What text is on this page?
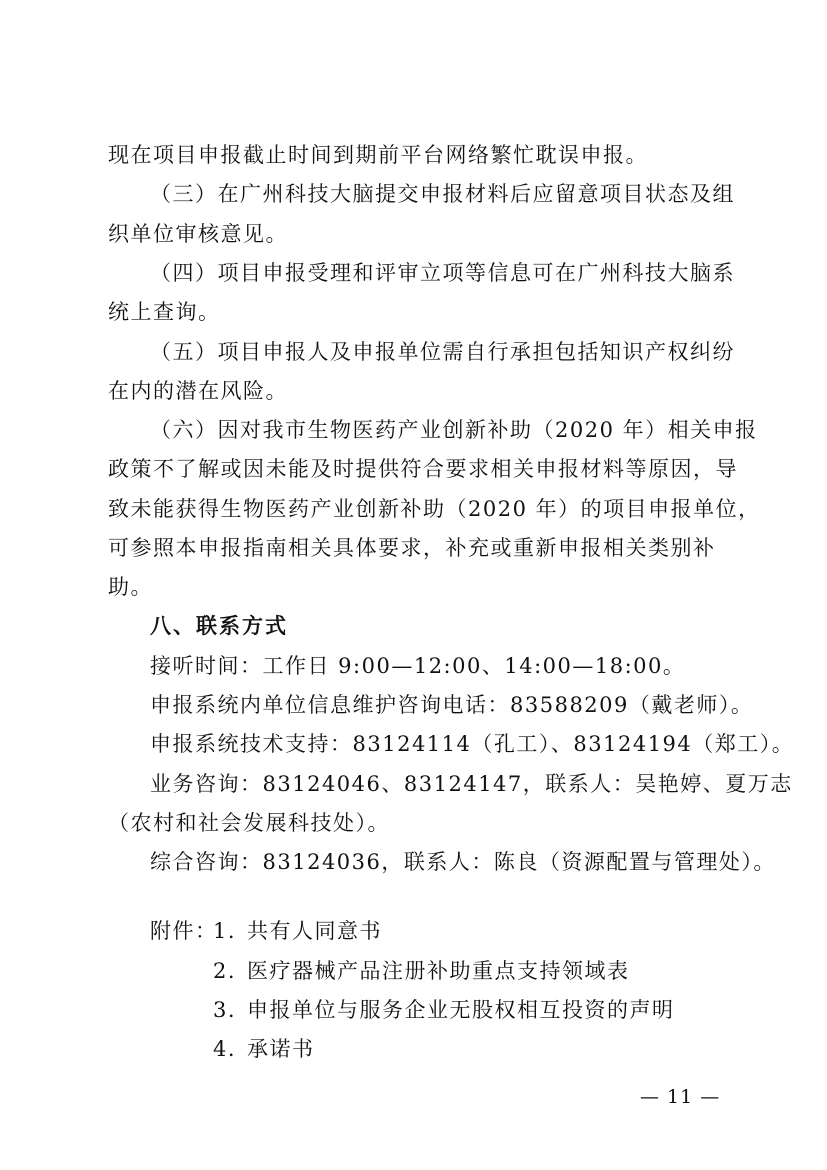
现在项目申报截止时间到期前平台网络繁忙耽误申报。
（三）在广州科技大脑提交申报材料后应留意项目状态及组
织单位审核意见。
（四）项目申报受理和评审立项等信息可在广州科技大脑系
统上查询。
（五）项目申报人及申报单位需自行承担包括知识产权纠纷
在内的潜在风险。
（六）因对我市生物医药产业创新补助（2020 年）相关申报
政策不了解或因未能及时提供符合要求相关申报材料等原因，导
致未能获得生物医药产业创新补助（2020 年）的项目申报单位，
可参照本申报指南相关具体要求，补充或重新申报相关类别补
助。
八、联系方式
接听时间：工作日 9:00—12:00、14:00—18:00。
申报系统内单位信息维护咨询电话：83588209（戴老师）。
申报系统技术支持：83124114（孔工）、83124194（郑工）。
业务咨询：83124046、83124147，联系人：吴艳婷、夏万志
（农村和社会发展科技处）。
综合咨询：83124036，联系人：陈良（资源配置与管理处）。
附件：
1. 共有人同意书
2. 医疗器械产品注册补助重点支持领域表
3. 申报单位与服务企业无股权相互投资的声明
4. 承诺书
— 11 —
